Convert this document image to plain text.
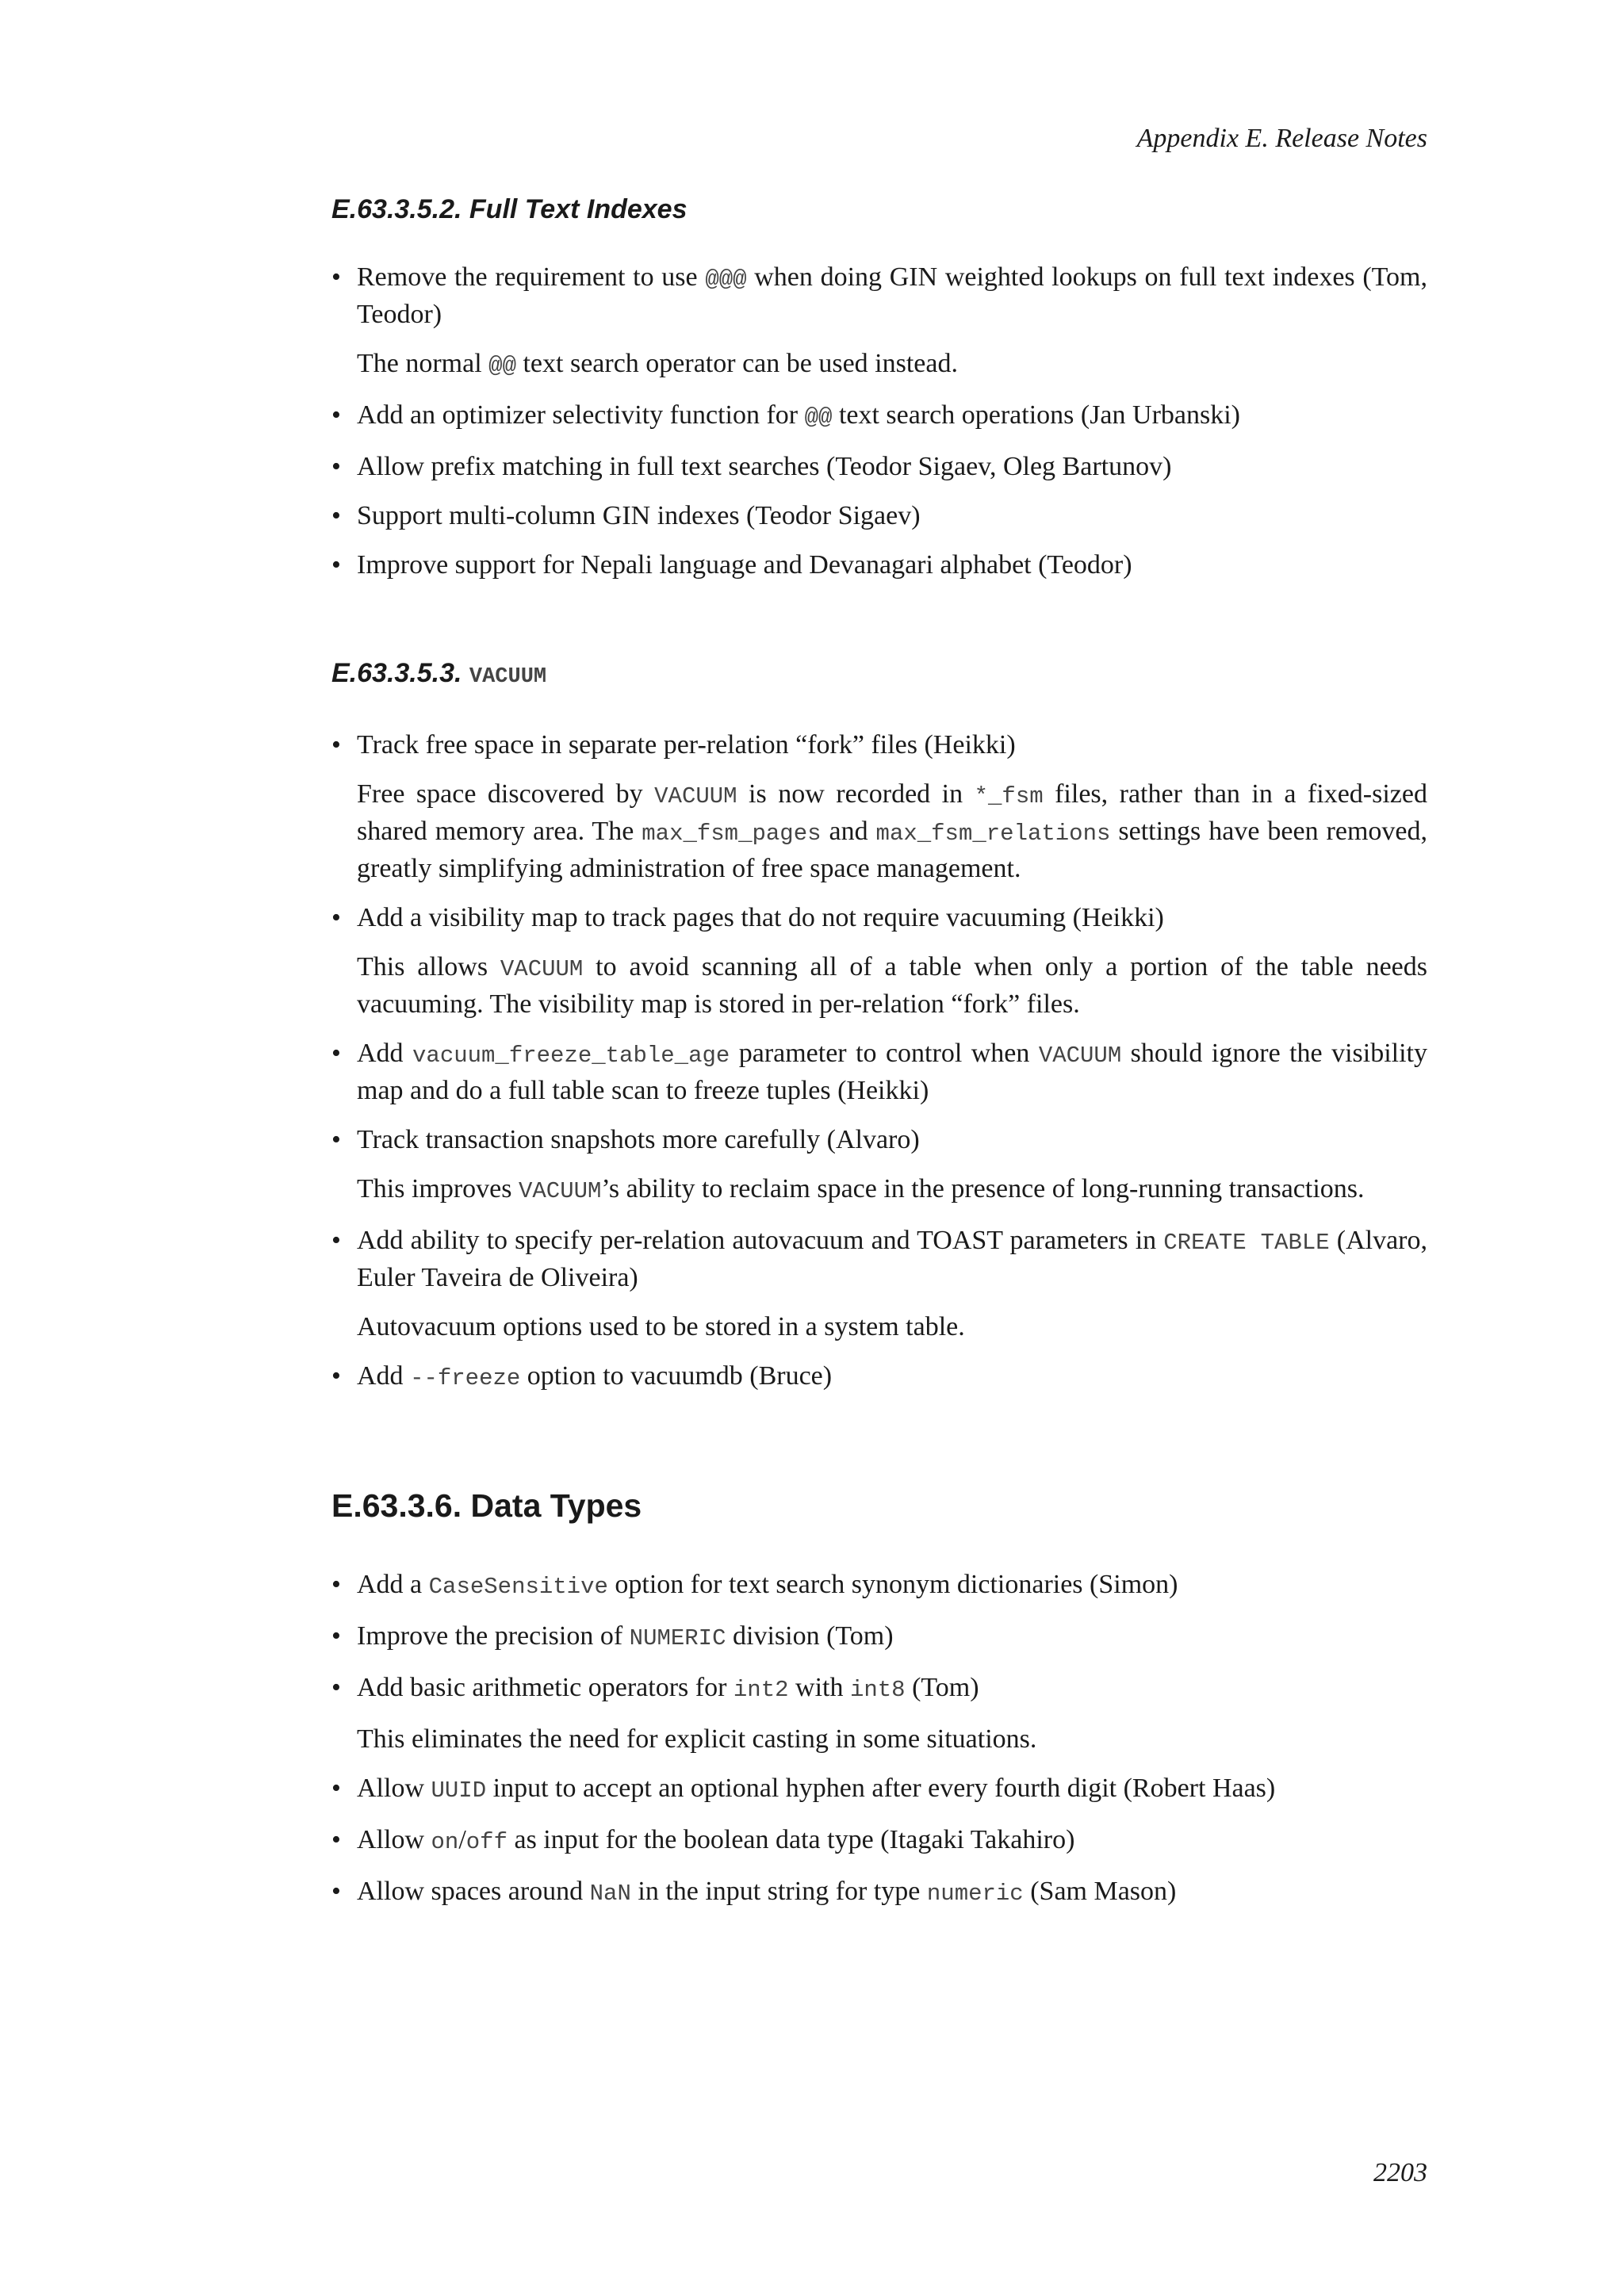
Appendix E. Release Notes
E.63.3.5.2. Full Text Indexes
• Remove the requirement to use @@@ when doing GIN weighted lookups on full text indexes (Tom, Teodor)

The normal @@ text search operator can be used instead.

• Add an optimizer selectivity function for @@ text search operations (Jan Urbanski)

• Allow prefix matching in full text searches (Teodor Sigaev, Oleg Bartunov)

• Support multi-column GIN indexes (Teodor Sigaev)

• Improve support for Nepali language and Devanagari alphabet (Teodor)

E.63.3.5.3. VACUUM
• Track free space in separate per-relation “fork” files (Heikki)

Free space discovered by VACUUM is now recorded in *_fsm files, rather than in a fixed-sized shared memory area. The max_fsm_pages and max_fsm_relations settings have been removed, greatly simplifying administration of free space management.

• Add a visibility map to track pages that do not require vacuuming (Heikki)

This allows VACUUM to avoid scanning all of a table when only a portion of the table needs vacuuming. The visibility map is stored in per-relation “fork” files.

• Add vacuum_freeze_table_age parameter to control when VACUUM should ignore the visibility map and do a full table scan to freeze tuples (Heikki)

• Track transaction snapshots more carefully (Alvaro)

This improves VACUUM’s ability to reclaim space in the presence of long-running transactions.

• Add ability to specify per-relation autovacuum and TOAST parameters in CREATE TABLE (Alvaro, Euler Taveira de Oliveira)

Autovacuum options used to be stored in a system table.

• Add --freeze option to vacuumdb (Bruce)

E.63.3.6. Data Types
• Add a CaseSensitive option for text search synonym dictionaries (Simon)

• Improve the precision of NUMERIC division (Tom)

• Add basic arithmetic operators for int2 with int8 (Tom)

This eliminates the need for explicit casting in some situations.

• Allow UUID input to accept an optional hyphen after every fourth digit (Robert Haas)

• Allow on/off as input for the boolean data type (Itagaki Takahiro)

• Allow spaces around NaN in the input string for type numeric (Sam Mason)

2203
